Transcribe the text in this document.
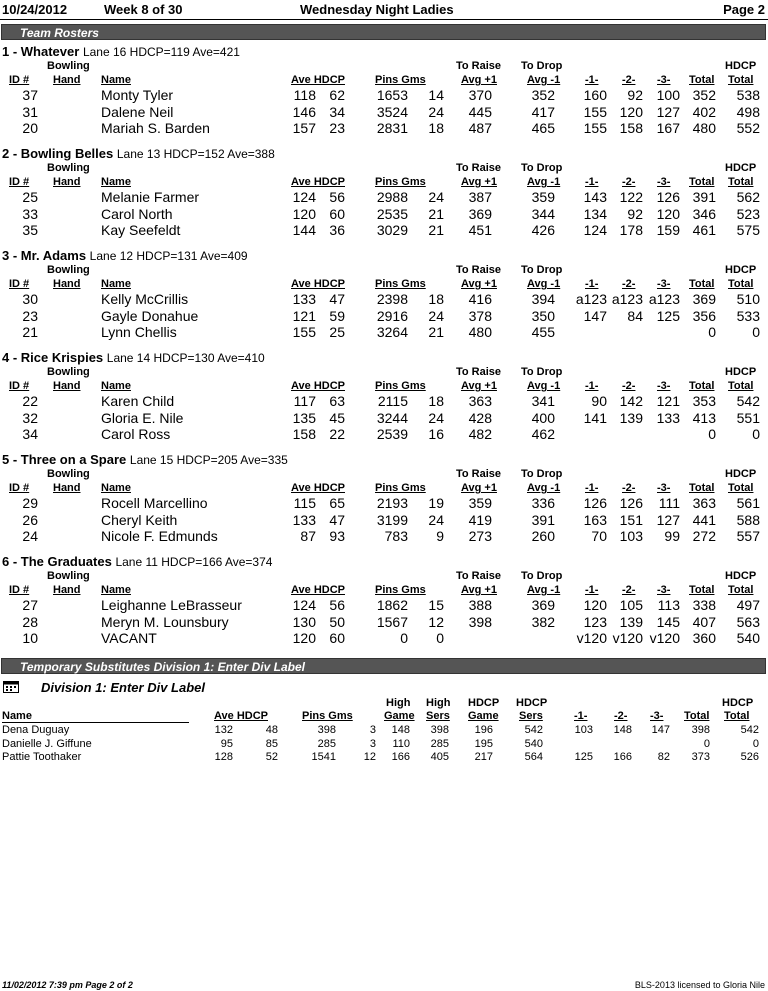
10/24/2012	Week 8 of 30	Wednesday Night Ladies	Page 2
Team Rosters
1 - Whatever Lane 16 HDCP=119 Ave=421
Bowling	To Raise To Drop	HDCP
ID # Hand Name	Ave HDCP	Pins Gms	Avg +1	Avg -1 -1- -2- -3- Total Total
37	Monty Tyler	118 62 1653 14 370	352 160 92 100 352 538
31	Dalene Neil	146 34 3524 24 445	417 155 120 127 402 498
20	Mariah S. Barden	157 23 2831 18 487	465 155 158 167 480 552
2 - Bowling Belles Lane 13 HDCP=152 Ave=388
Bowling	To Raise To Drop	HDCP
ID # Hand Name	Ave HDCP	Pins Gms	Avg +1	Avg -1 -1- -2- -3- Total Total
25	Melanie Farmer	124 56 2988 24 387	359 143 122 126 391 562
33	Carol North	120 60 2535 21 369	344 134 92 120 346 523
35	Kay Seefeldt	144 36 3029 21 451	426 124 178 159 461 575
3 - Mr. Adams Lane 12 HDCP=131 Ave=409
Bowling	To Raise To Drop	HDCP
ID # Hand Name	Ave HDCP	Pins Gms	Avg +1	Avg -1 -1- -2- -3- Total Total
30	Kelly McCrillis	133 47 2398 18 416	394 a123 a123 a123 369 510
23	Gayle Donahue	121 59 2916 24 378	350 147 84 125 356 533
21	Lynn Chellis	155 25 3264 21 480	455	0	0
4 - Rice Krispies Lane 14 HDCP=130 Ave=410
Bowling	To Raise To Drop	HDCP
ID # Hand Name	Ave HDCP	Pins Gms	Avg +1	Avg -1 -1- -2- -3- Total Total
22	Karen Child	117 63 2115 18 363	341	90 142 121 353 542
32	Gloria E. Nile	135 45 3244 24 428	400 141 139 133 413 551
34	Carol Ross	158 22 2539 16 482	462	0	0
5 - Three on a Spare Lane 15 HDCP=205 Ave=335
Bowling	To Raise To Drop	HDCP
ID # Hand Name	Ave HDCP	Pins Gms	Avg +1	Avg -1 -1- -2- -3- Total Total
29	Rocell Marcellino	115 65 2193 19 359	336 126 126 111 363 561
26	Cheryl Keith	133 47 3199 24 419	391 163 151 127 441 588
24	Nicole F. Edmunds	87 93	783 9 273	260	70 103 99 272 557
6 - The Graduates Lane 11 HDCP=166 Ave=374
Bowling	To Raise To Drop	HDCP
ID # Hand Name	Ave HDCP	Pins Gms	Avg +1	Avg -1 -1- -2- -3- Total Total
27	Leighanne LeBrasseur	124 56 1862 15 388	369 120 105 113 338 497
28	Meryn M. Lounsbury	130 50 1567 12 398	382 123 139 145 407 563
10	VACANT	120 60	0 0	v120 v120 v120 360 540
Temporary Substitutes Division 1: Enter Div Label
Division 1: Enter Div Label
High High HDCP HDCP	HDCP
Name	Ave HDCP	Pins Gms	Game Sers Game Sers	-1- -2- -3- Total Total
Dena Duguay	132	48	398	3 148 398 196	542	103 148 147 398	542
Danielle J. Giffune	95	85	285	3 110 285 195	540	0	0
Pattie Toothaker	128	52	1541	12 166 405 217	564	125 166 82 373	526
11/02/2012 7:39 pm Page 2 of 2	BLS-2013 licensed to Gloria Nile
